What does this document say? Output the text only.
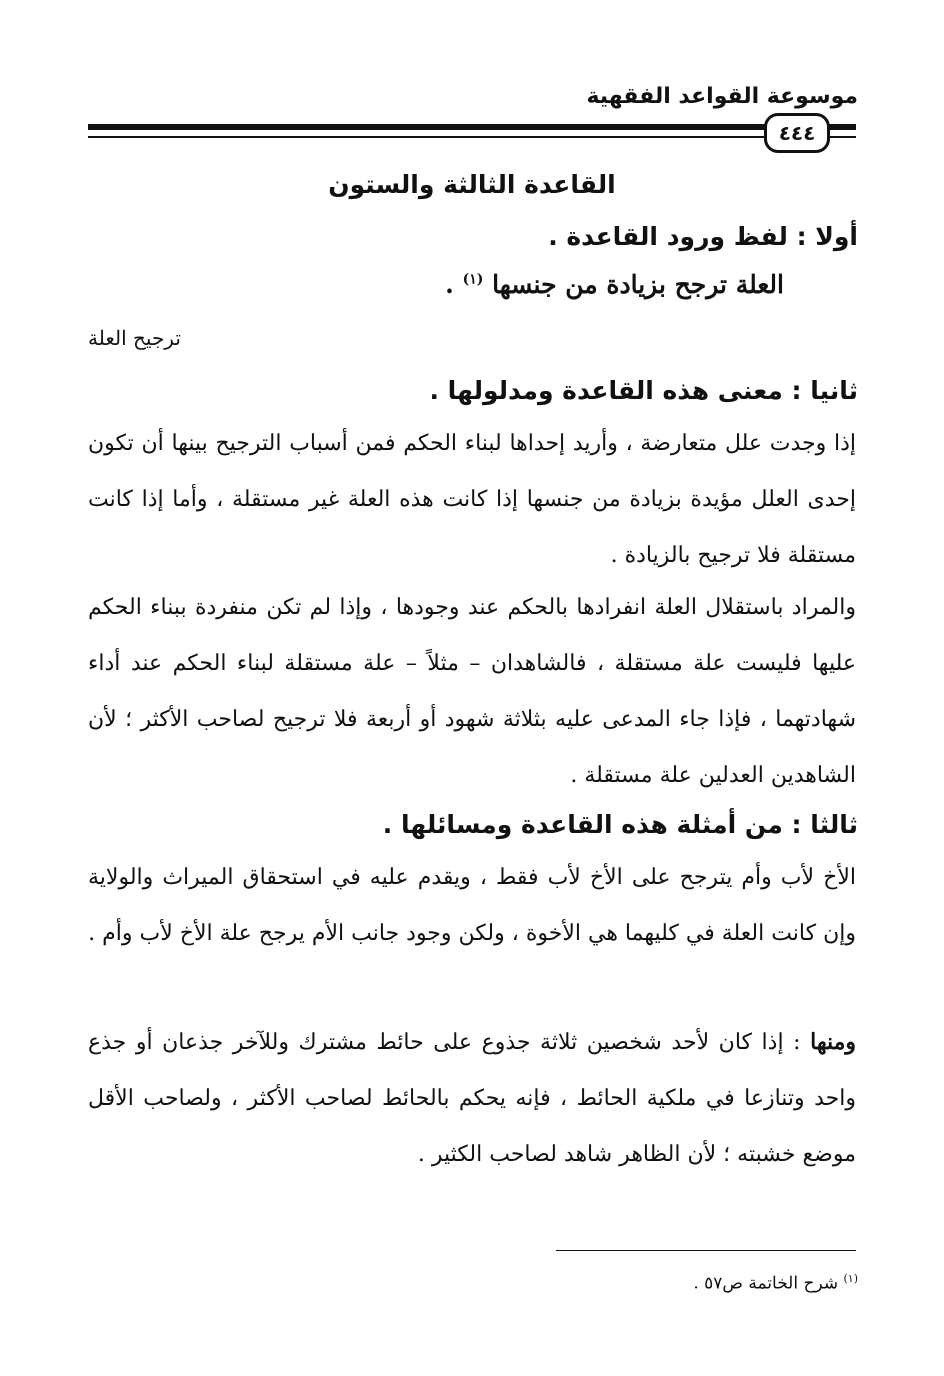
موسوعة القواعد الفقهية
٤٤٤
القاعدة الثالثة والستون
أولا : لفظ ورود القاعدة .
العلة ترجح بزيادة من جنسها $^{(١)}$ .
ترجيح العلة
ثانيا : معنى هذه القاعدة ومدلولها .

إذا وجدت علل متعارضة ، وأريد إحداها لبناء الحكم فمن أسباب الترجيح بينها أن تكون إحدى العلل مؤيدة بزيادة من جنسها إذا كانت هذه العلة غير مستقلة ، وأما إذا كانت مستقلة فلا ترجيح بالزيادة .

والمراد باستقلال العلة انفرادها بالحكم عند وجودها ، وإذا لم تكن منفردة ببناء الحكم عليها فليست علة مستقلة ، فالشاهدان – مثلاً – علة مستقلة لبناء الحكم عند أداء شهادتهما ، فإذا جاء المدعى عليه بثلاثة شهود أو أربعة فلا ترجيح لصاحب الأكثر ؛ لأن الشاهدين العدلين علة مستقلة .

ثالثا : من أمثلة هذه القاعدة ومسائلها .

الأخ لأب وأم يترجح على الأخ لأب فقط ، ويقدم عليه في استحقاق الميراث والولاية وإن كانت العلة في كليهما هي الأخوة ، ولكن وجود جانب الأم يرجح علة الأخ لأب وأم .

ومنها : إذا كان لأحد شخصين ثلاثة جذوع على حائط مشترك وللآخر جذعان أو جذع واحد وتنازعا في ملكية الحائط ، فإنه يحكم بالحائط لصاحب الأكثر ، ولصاحب الأقل موضع خشبته ؛ لأن الظاهر شاهد لصاحب الكثير .

$^{(١)}$ شرح الخاتمة ص٥٧ .
